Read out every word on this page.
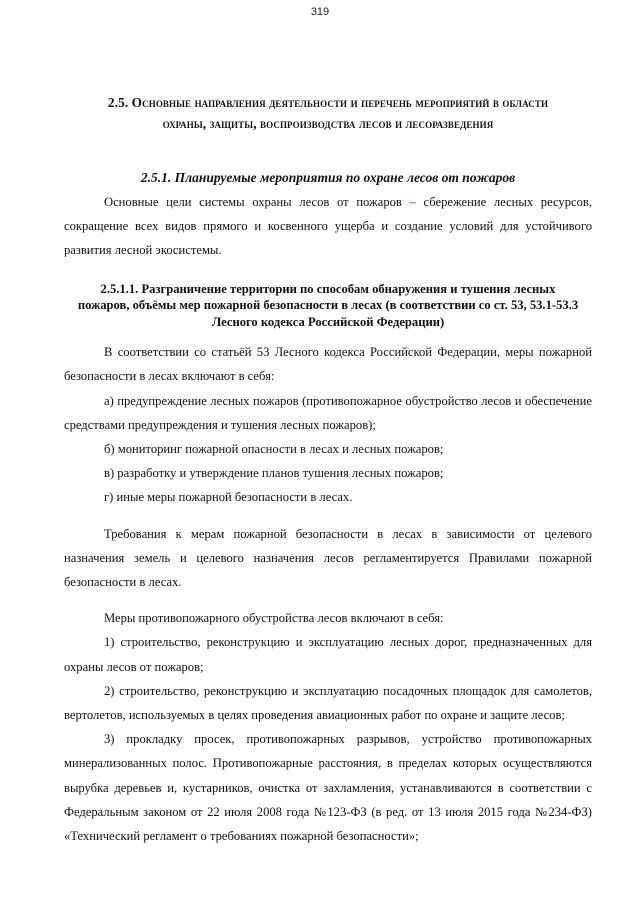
319
2.5. Основные направления деятельности и перечень мероприятий в области
охраны, защиты, воспроизводства лесов и лесоразведения
2.5.1. Планируемые мероприятия по охране лесов от пожаров

Основные цели системы охраны лесов от пожаров – сбережение лесных ресурсов, сокращение всех видов прямого и косвенного ущерба и создание условий для устойчивого развития лесной экосистемы.

2.5.1.1. Разграничение территории по способам обнаружения и тушения лесных
пожаров, объёмы мер пожарной безопасности в лесах (в соответствии со ст. 53, 53.1-53.3
Лесного кодекса Российской Федерации)

В соответствии со статьёй 53 Лесного кодекса Российской Федерации, меры пожарной безопасности в лесах включают в себя:

а) предупреждение лесных пожаров (противопожарное обустройство лесов и обеспечение средствами предупреждения и тушения лесных пожаров);

б) мониторинг пожарной опасности в лесах и лесных пожаров;

в) разработку и утверждение планов тушения лесных пожаров;

г) иные меры пожарной безопасности в лесах.

Требования к мерам пожарной безопасности в лесах в зависимости от целевого назначения земель и целевого назначения лесов регламентируется Правилами пожарной безопасности в лесах.

Меры противопожарного обустройства лесов включают в себя:

1) строительство, реконструкцию и эксплуатацию лесных дорог, предназначенных для охраны лесов от пожаров;

2) строительство, реконструкцию и эксплуатацию посадочных площадок для самолетов, вертолетов, используемых в целях проведения авиационных работ по охране и защите лесов;

3) прокладку просек, противопожарных разрывов, устройство противопожарных минерализованных полос. Противопожарные расстояния, в пределах которых осуществляются вырубка деревьев и, кустарников, очистка от захламления, устанавливаются в соответствии с Федеральным законом от 22 июля 2008 года №123-ФЗ (в ред. от 13 июля 2015 года №234-ФЗ) «Технический регламент о требованиях пожарной безопасности»;
